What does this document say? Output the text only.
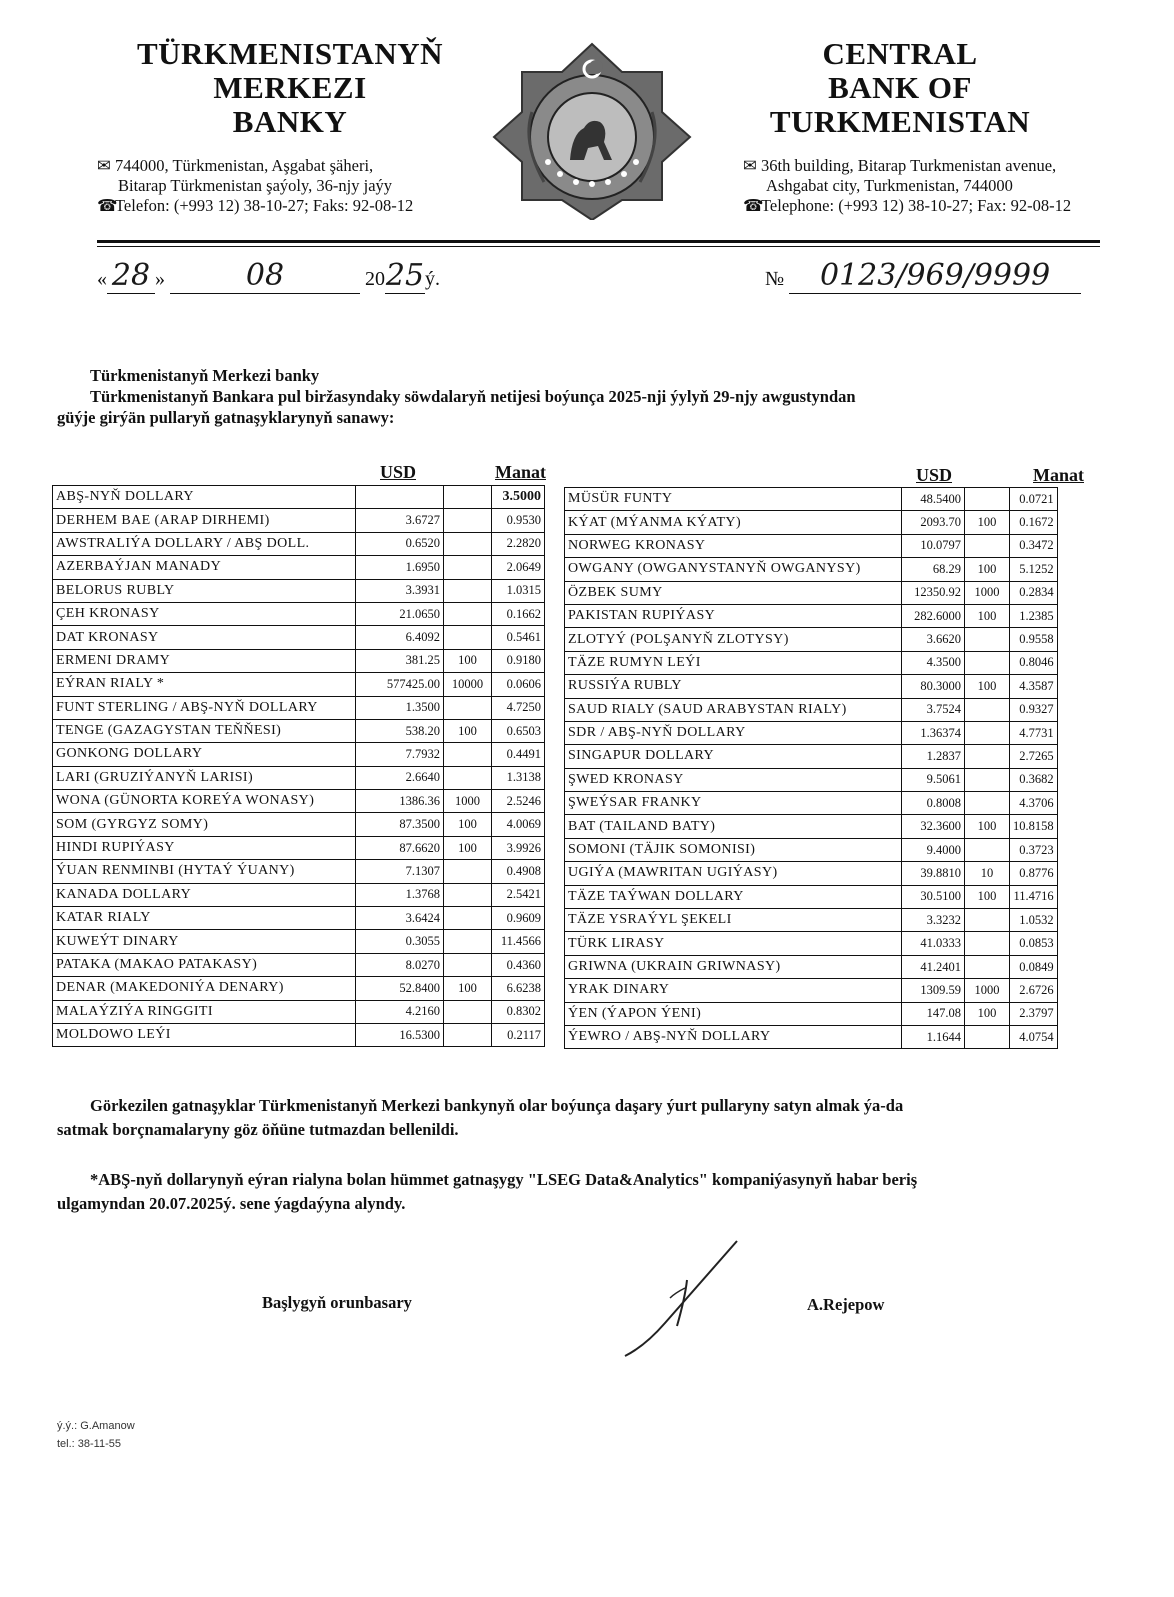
TÜRKMENISTANYŇ
MERKEZI
BANKY
✉ 744000, Türkmenistan, Aşgabat şäheri,
Bitarap Türkmenistan şaýoly, 36-njy jaýy
☎Telefon: (+993 12) 38-10-27; Faks: 92-08-12
CENTRAL
BANK OF
TURKMENISTAN
✉ 36th building, Bitarap Turkmenistan avenue,
Ashgabat city, Turkmenistan, 744000
☎Telephone: (+993 12) 38-10-27; Fax: 92-08-12
« 28 »	08	2025ý.	№ 0123/969/9999
Türkmenistanyň Merkezi banky
Türkmenistanyň Bankara pul biržasyndaky söwdalaryň netijesi boýunça 2025-nji ýylyň 29-njy awgustyndan
güýje girýän pullaryň gatnaşyklarynyň sanawy:
USD	Manat	USD	Manat
ABŞ-NYŇ DOLLARY			3.5000
DERHEM BAE (ARAP DIRHEMI)	3.6727		0.9530
AWSTRALIÝA DOLLARY / ABŞ DOLL.	0.6520		2.2820
AZERBAÝJAN MANADY	1.6950		2.0649
BELORUS RUBLY	3.3931		1.0315
ÇEH KRONASY	21.0650		0.1662
DAT KRONASY	6.4092		0.5461
ERMENI DRAMY	381.25	100	0.9180
EÝRAN RIALY *	577425.00	10000	0.0606
FUNT STERLING / ABŞ-NYŇ DOLLARY	1.3500		4.7250
TENGE (GAZAGYSTAN TEŇŇESI)	538.20	100	0.6503
GONKONG DOLLARY	7.7932		0.4491
LARI (GRUZIÝANYŇ LARISI)	2.6640		1.3138
WONA (GÜNORTA KOREÝA WONASY)	1386.36	1000	2.5246
SOM (GYRGYZ SOMY)	87.3500	100	4.0069
HINDI RUPIÝASY	87.6620	100	3.9926
ÝUAN RENMINBI (HYTAÝ ÝUANY)	7.1307		0.4908
KANADA DOLLARY	1.3768		2.5421
KATAR RIALY	3.6424		0.9609
KUWEÝT DINARY	0.3055		11.4566
PATAKA (MAKAO PATAKASY)	8.0270		0.4360
DENAR (MAKEDONIÝA DENARY)	52.8400	100	6.6238
MALAÝZIÝA RINGGITI	4.2160		0.8302
MOLDOWO LEÝI	16.5300		0.2117
MÜSÜR FUNTY	48.5400		0.0721
KÝAT (MÝANMA KÝATY)	2093.70	100	0.1672
NORWEG KRONASY	10.0797		0.3472
OWGANY (OWGANYSTANYŇ OWGANYSY)	68.29	100	5.1252
ÖZBEK SUMY	12350.92	1000	0.2834
PAKISTAN RUPIÝASY	282.6000	100	1.2385
ZLOTYÝ (POLŞANYŇ ZLOTYSY)	3.6620		0.9558
TÄZE RUMYN LEÝI	4.3500		0.8046
RUSSIÝA RUBLY	80.3000	100	4.3587
SAUD RIALY (SAUD ARABYSTAN RIALY)	3.7524		0.9327
SDR / ABŞ-NYŇ DOLLARY	1.36374		4.7731
SINGAPUR DOLLARY	1.2837		2.7265
ŞWED KRONASY	9.5061		0.3682
ŞWEÝSAR FRANKY	0.8008		4.3706
BAT (TAILAND BATY)	32.3600	100	10.8158
SOMONI (TÄJIK SOMONISI)	9.4000		0.3723
UGIÝA (MAWRITAN UGIÝASY)	39.8810	10	0.8776
TÄZE TAÝWAN DOLLARY	30.5100	100	11.4716
TÄZE YSRAÝYL ŞEKELI	3.3232		1.0532
TÜRK LIRASY	41.0333		0.0853
GRIWNA (UKRAIN GRIWNASY)	41.2401		0.0849
YRAK DINARY	1309.59	1000	2.6726
ÝEN (ÝAPON ÝENI)	147.08	100	2.3797
ÝEWRO / ABŞ-NYŇ DOLLARY	1.1644		4.0754
Görkezilen gatnaşyklar Türkmenistanyň Merkezi bankynyň olar boýunça daşary ýurt pullaryny satyn almak ýa-da
satmak borçnamalaryny göz öňüne tutmazdan bellenildi.
*ABŞ-nyň dollarynyň eýran rialyna bolan hümmet gatnaşygy "LSEG Data&Analytics" kompaniýasynyň habar beriş
ulgamyndan 20.07.2025ý. sene ýagdaýyna alyndy.
Başlygyň orunbasary	A.Rejepow
ý.ý.: G.Amanow
tel.: 38-11-55
